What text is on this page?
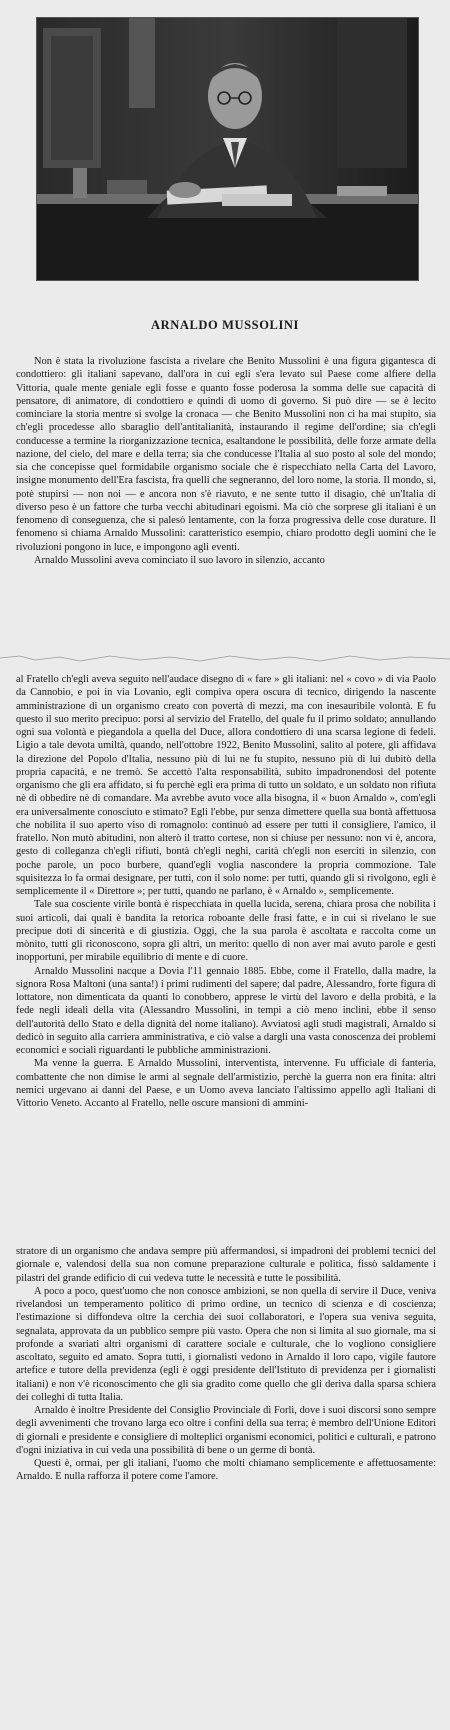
ARNALDO MUSSOLINI

Non è stata la rivoluzione fascista a rivelare che Benito Mussolini è una figura gigantesca di condottiero: gli italiani sapevano, dall'ora in cui egli s'era levato sul Paese come alfiere della Vittoria, quale mente geniale egli fosse e quanto fosse poderosa la somma delle sue capacità di pensatore, di animatore, di condottiero e quindi di uomo di governo. Si può dire — se è lecito cominciare la storia mentre si svolge la cronaca — che Benito Mussolini non ci ha mai stupito, sia ch'egli procedesse allo sbaraglio dell'antitalianità, instaurando il regime dell'ordine; sia ch'egli conducesse a termine la riorganizzazione tecnica, esaltandone le possibilità, delle forze armate della nazione, del cielo, del mare e della terra; sia che conducesse l'Italia al suo posto al sole del mondo; sia che concepisse quel formidabile organismo sociale che è rispecchiato nella Carta del Lavoro, insigne monumento dell'Era fascista, fra quelli che segneranno, del loro nome, la storia. Il mondo, sì, potè stupirsi — non noi — e ancora non s'è riavuto, e ne sente tutto il disagio, chè un'Italia di diverso peso è un fattore che turba vecchi abitudinari egoismi. Ma ciò che sorprese gli italiani è un fenomeno di conseguenza, che si palesò lentamente, con la forza progressiva delle cose durature. Il fenomeno si chiama Arnaldo Mussolini: caratteristico esempio, chiaro prodotto degli uomini che le rivoluzioni pongono in luce, e impongono agli eventi.

Arnaldo Mussolini aveva cominciato il suo lavoro in silenzio, accanto

al Fratello ch'egli aveva seguito nell'audace disegno di « fare » gli italiani: nel « covo » di via Paolo da Cannobio, e poi in via Lovanio, egli compiva opera oscura di tecnico, dirigendo la nascente amministrazione di un organismo creato con povertà di mezzi, ma con inesauribile volontà. E fu questo il suo merito precipuo: porsi al servizio del Fratello, del quale fu il primo soldato; annullando ogni sua volontà e piegandola a quella del Duce, allora condottiero di una scarsa legione di fedeli. Ligio a tale devota umiltà, quando, nell'ottobre 1922, Benito Mussolini, salito al potere, gli affidava la direzione del Popolo d'Italia, nessuno più di lui ne fu stupito, nessuno più di lui dubitò della propria capacità, e ne tremò. Se accettò l'alta responsabilità, subito impadronendosi del potente organismo che gli era affidato, si fu perchè egli era prima di tutto un soldato, e un soldato non rifiuta nè di obbedire nè di comandare. Ma avrebbe avuto voce alla bisogna, il « buon Arnaldo », com'egli era universalmente conosciuto e stimato? Egli l'ebbe, pur senza dimettere quella sua bontà affettuosa che nobilita il suo aperto viso di romagnolo: continuò ad essere per tutti il consigliere, l'amico, il fratello. Non mutò abitudini, non alterò il tratto cortese, non si chiuse per nessuno: non vi è, ancora, gesto di colleganza ch'egli rifiuti, bontà ch'egli neghi, carità ch'egli non eserciti in silenzio, con poche parole, un poco burbere, quand'egli voglia nascondere la propria commozione. Tale squisitezza lo fa ormai designare, per tutti, con il solo nome: per tutti, quando gli si rivolgono, egli è semplicemente il « Direttore »; per tutti, quando ne parlano, è « Arnaldo », semplicemente.

Tale sua cosciente virile bontà è rispecchiata in quella lucida, serena, chiara prosa che nobilita i suoi articoli, dai quali è bandita la retorica roboante delle frasi fatte, e in cui si rivelano le sue precipue doti di sincerità e di giustizia. Oggi, che la sua parola è ascoltata e raccolta come un mònito, tutti gli riconoscono, sopra gli altri, un merito: quello di non aver mai avuto parole e gesti inopportuni, per mirabile equilibrio di mente e di cuore.

Arnaldo Mussolini nacque a Dovia l'11 gennaio 1885. Ebbe, come il Fratello, dalla madre, la signora Rosa Maltoni (una santa!) i primi rudimenti del sapere; dal padre, Alessandro, forte figura di lottatore, non dimenticata da quanti lo conobbero, apprese le virtù del lavoro e della probità, e la fede negli ideali della vita (Alessandro Mussolini, in tempi a ciò meno inclini, ebbe il senso dell'autorità dello Stato e della dignità del nome italiano). Avviatosi agli studi magistrali, Arnaldo si dedicò in seguito alla carriera amministrativa, e ciò valse a dargli una vasta conoscenza dei problemi economici e sociali riguardanti le pubbliche amministrazioni.

Ma venne la guerra. E Arnaldo Mussolini, interventista, intervenne. Fu ufficiale di fanteria, combattente che non dimise le armi al segnale dell'armistizio, perchè la guerra non era finita: altri nemici urgevano ai danni del Paese, e un Uomo aveva lanciato l'altissimo appello agli Italiani di Vittorio Veneto. Accanto al Fratello, nelle oscure mansioni di ammini-

stratore di un organismo che andava sempre più affermandosi, si impadronì dei problemi tecnici del giornale e, valendosi della sua non comune preparazione culturale e politica, fissò saldamente i pilastri del grande edificio di cui vedeva tutte le necessità e tutte le possibilità.

A poco a poco, quest'uomo che non conosce ambizioni, se non quella di servire il Duce, veniva rivelandosi un temperamento politico di primo ordine, un tecnico di scienza e di coscienza; l'estimazione si diffondeva oltre la cerchia dei suoi collaboratori, e l'opera sua veniva seguita, segnalata, approvata da un pubblico sempre più vasto. Opera che non si limita al suo giornale, ma si profonde a svariati altri organismi di carattere sociale e culturale, che lo vogliono consigliere ascoltato, seguito ed amato. Sopra tutti, i giornalisti vedono in Arnaldo il loro capo, vigile fautore artefice e tutore della previdenza (egli è oggi presidente dell'Istituto di previdenza per i giornalisti italiani) e non v'è riconoscimento che gli sia gradito come quello che gli deriva dalla sparsa schiera dei colleghi di tutta Italia.

Arnaldo è inoltre Presidente del Consiglio Provinciale di Forlì, dove i suoi discorsi sono sempre degli avvenimenti che trovano larga eco oltre i confini della sua terra; è membro dell'Unione Editori di giornali e presidente e consigliere di molteplici organismi economici, politici e culturali, e patrono d'ogni iniziativa in cui veda una possibilità di bene o un germe di bontà.

Questi è, ormai, per gli italiani, l'uomo che molti chiamano semplicemente e affettuosamente: Arnaldo. E nulla rafforza il potere come l'amore.
